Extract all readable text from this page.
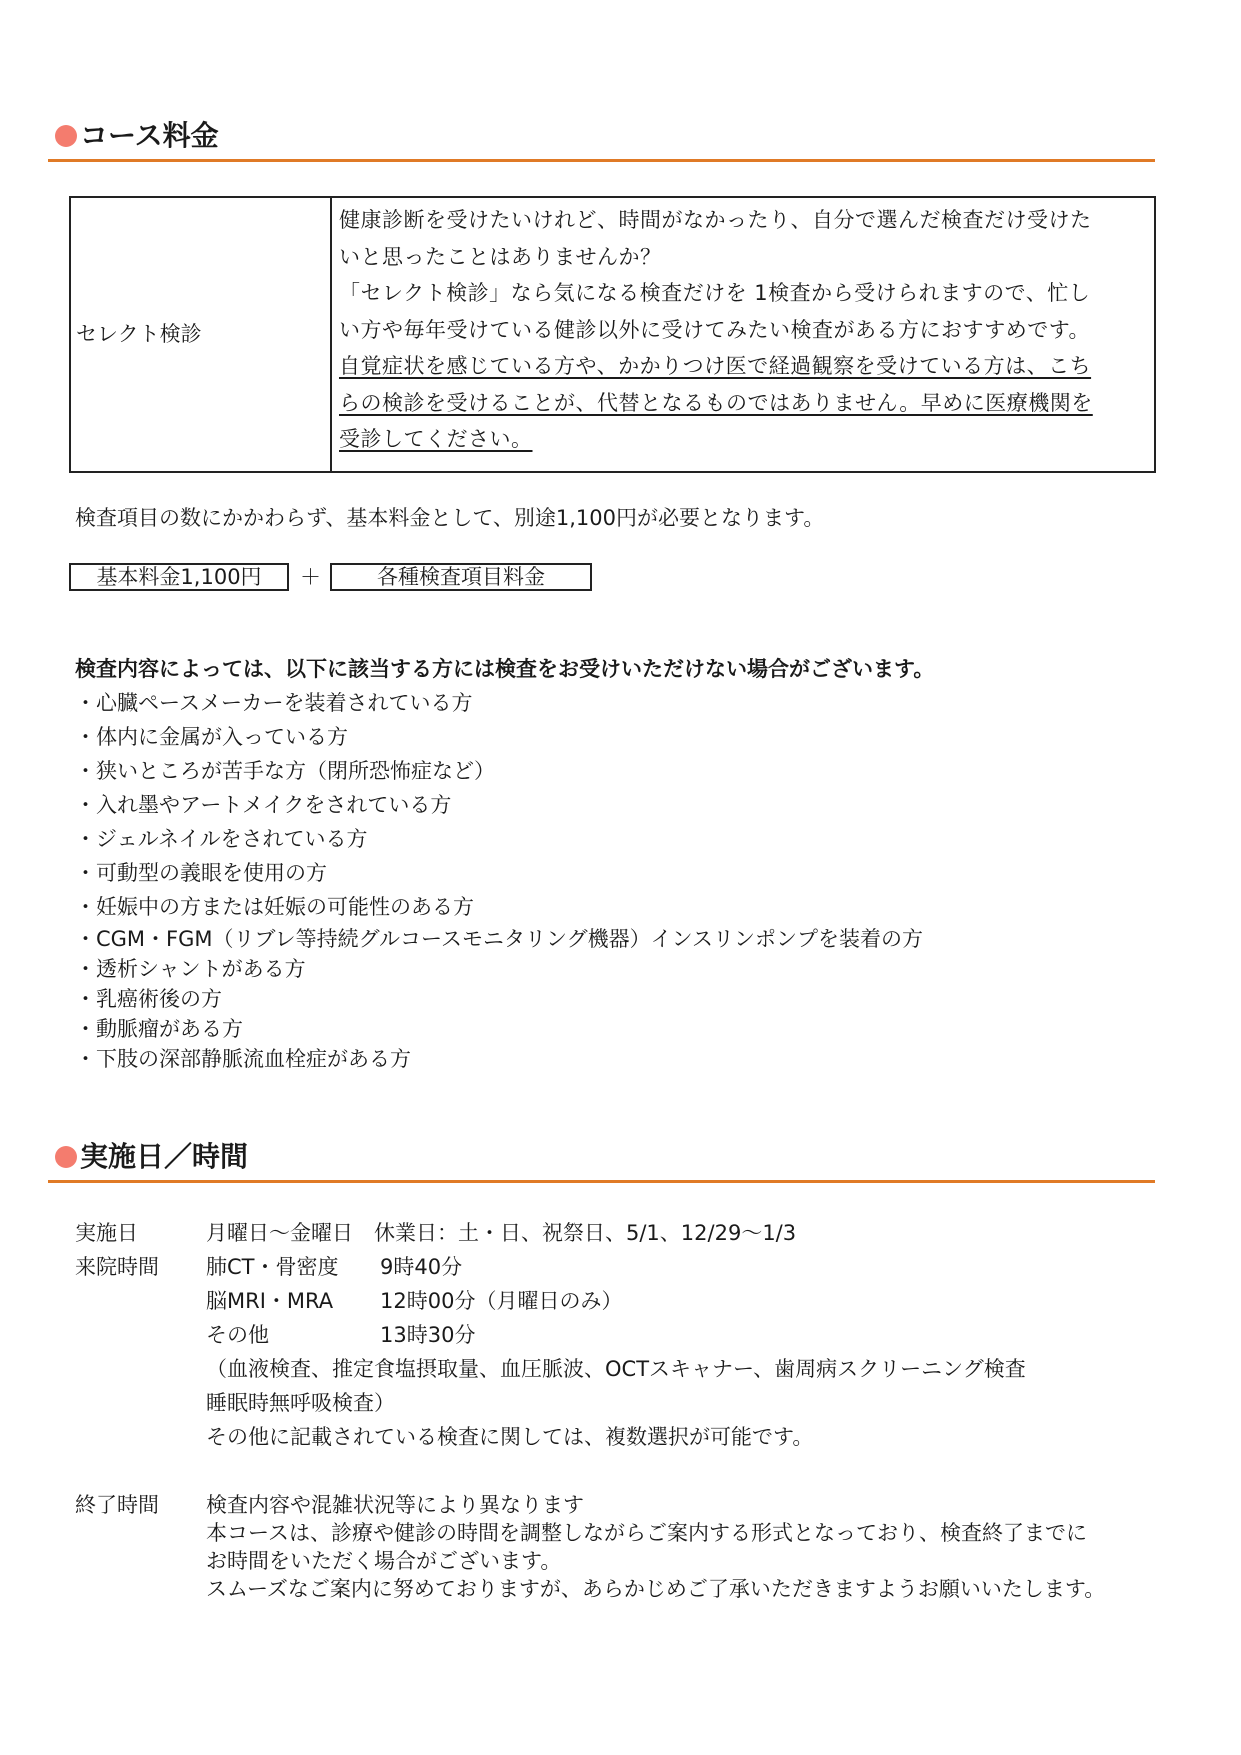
コース料金
セレクト検診
健康診断を受けたいけれど、時間がなかったり、自分で選んだ検査だけ受けた
いと思ったことはありませんか？
「セレクト検診」なら気になる検査だけを 1検査から受けられますので、忙し
い方や毎年受けている健診以外に受けてみたい検査がある方におすすめです。
自覚症状を感じている方や、かかりつけ医で経過観察を受けている方は、こち
らの検診を受けることが、代替となるものではありません。早めに医療機関を
受診してください。
検査項目の数にかかわらず、基本料金として、別途1,100円が必要となります。
基本料金1,100円	＋	各種検査項目料金
検査内容によっては、以下に該当する方には検査をお受けいただけない場合がございます。
・心臓ペースメーカーを装着されている方
・体内に金属が入っている方
・狭いところが苦手な方（閉所恐怖症など）
・入れ墨やアートメイクをされている方
・ジェルネイルをされている方
・可動型の義眼を使用の方
・妊娠中の方または妊娠の可能性のある方
・CGM・FGM（リブレ等持続グルコースモニタリング機器）インスリンポンプを装着の方
・透析シャントがある方
・乳癌術後の方
・動脈瘤がある方
・下肢の深部静脈流血栓症がある方
実施日／時間
実施日	月曜日～金曜日　休業日：土・日、祝祭日、5/1、12/29～1/3
来院時間 肺CT・骨密度 9時40分
脳MRI・MRA 12時00分（月曜日のみ）
その他	13時30分
（血液検査、推定食塩摂取量、血圧脈波、OCTスキャナー、歯周病スクリーニング検査
睡眠時無呼吸検査）
その他に記載されている検査に関しては、複数選択が可能です。
終了時間 検査内容や混雑状況等により異なります
本コースは、診療や健診の時間を調整しながらご案内する形式となっており、検査終了までに
お時間をいただく場合がございます。
スムーズなご案内に努めておりますが、あらかじめご了承いただきますようお願いいたします。
